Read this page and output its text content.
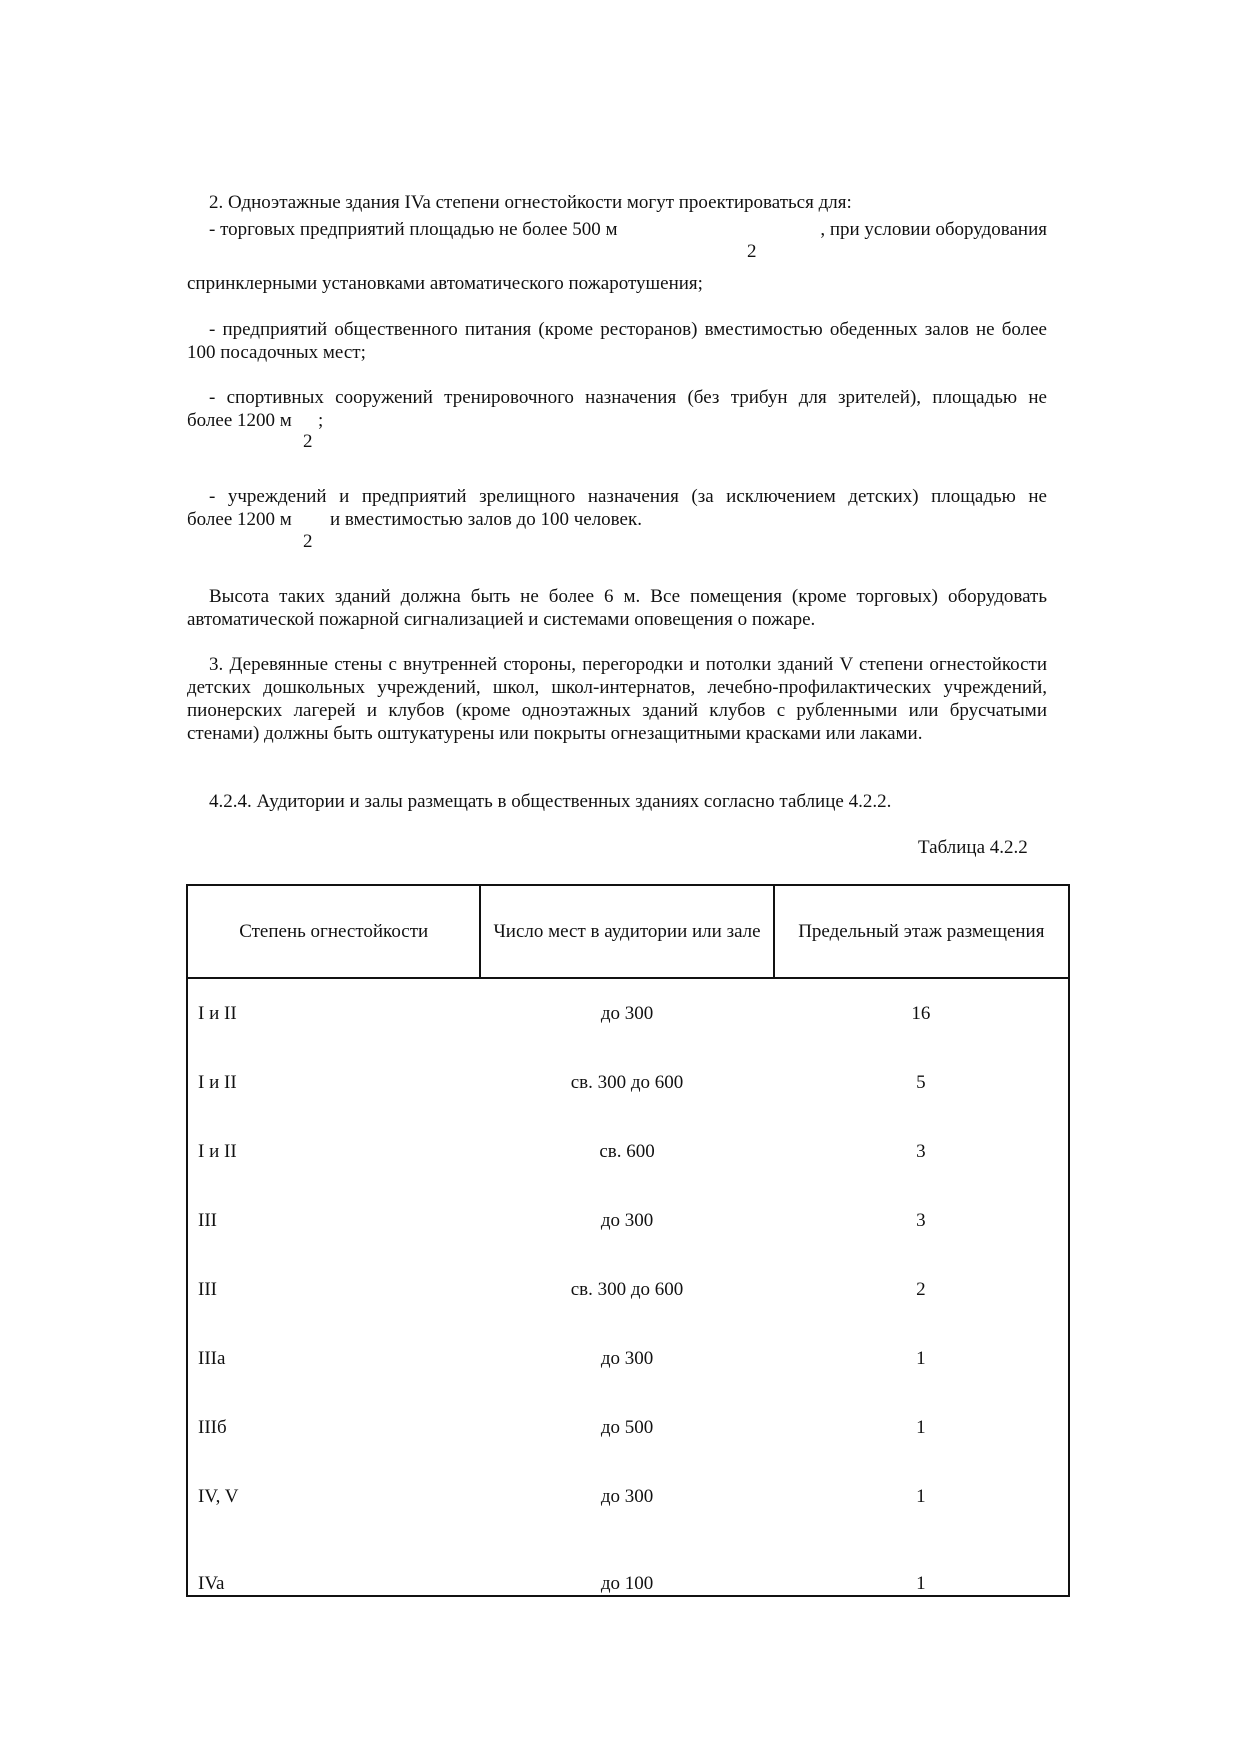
2. Одноэтажные здания IVa степени огнестойкости могут проектироваться для:

- торговых предприятий площадью не более 500 м
2
, при условии оборудования
спринклерными установками автоматического пожаротушения;

- предприятий общественного питания (кроме ресторанов) вместимостью обеденных залов не более 100 посадочных мест;

- спортивных сооружений тренировочного назначения (без трибун для зрителей), площадью не
более 1200 м
2
;
- учреждений и предприятий зрелищного назначения (за исключением детских) площадью не
более 1200 м
2
и вместимостью залов до 100 человек.

Высота таких зданий должна быть не более 6 м. Все помещения (кроме торговых) оборудовать автоматической пожарной сигнализацией и системами оповещения о пожаре.

3. Деревянные стены с внутренней стороны, перегородки и потолки зданий V степени огнестойкости детских дошкольных учреждений, школ, школ-интернатов, лечебно-профилактических учреждений, пионерских лагерей и клубов (кроме одноэтажных зданий клубов с рубленными или брусчатыми стенами) должны быть оштукатурены или покрыты огнезащитными красками или лаками.

4.2.4. Аудитории и залы размещать в общественных зданиях согласно таблице 4.2.2.

Таблица 4.2.2

Степень огнестойкости	Число мест в аудитории или зале	Предельный этаж размещения
I и II	до 300	16
I и II	св. 300 до 600	5
I и II	св. 600	3
III	до 300	3
III	св. 300 до 600	2
IIIa	до 300	1
IIIб	до 500	1
IV, V	до 300	1
IVa	до 100	1
